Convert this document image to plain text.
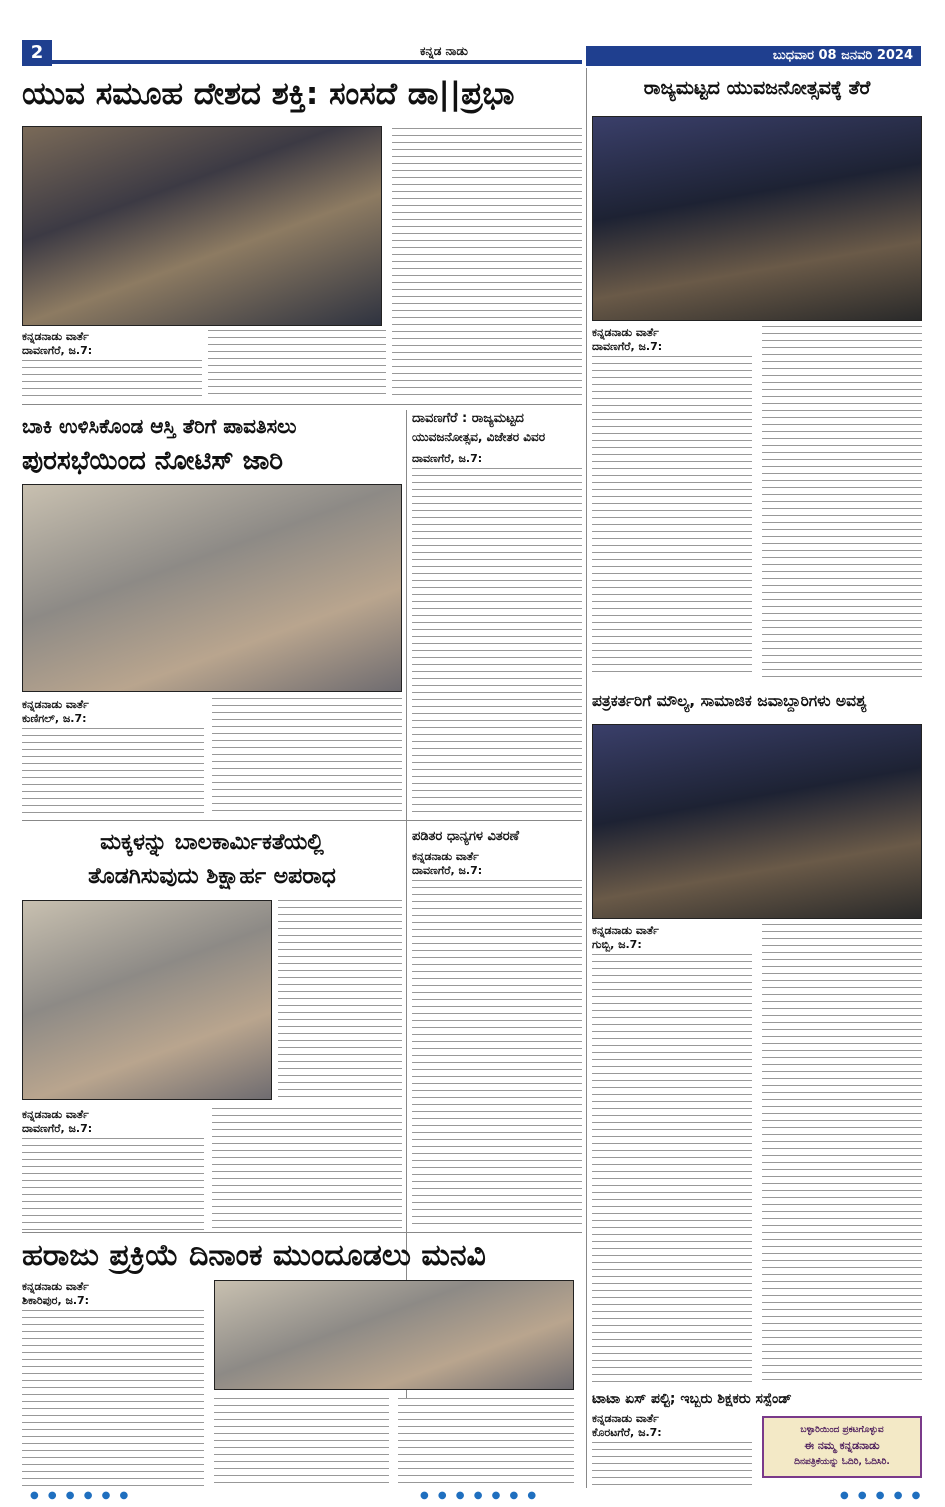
2	ಕನ್ನಡ ನಾಡು	ಬುಧವಾರ 08 ಜನವರಿ 2024
ಯುವ ಸಮೂಹ ದೇಶದ ಶಕ್ತಿ: ಸಂಸದೆ ಡಾ||ಪ್ರಭಾ
ಕನ್ನಡನಾಡು ವಾರ್ತೆ
ದಾವಣಗೆರೆ, ಜ.7:
ರಾಜ್ಯಮಟ್ಟದ ಯುವಜನೋತ್ಸವಕ್ಕೆ ತೆರೆ
ಕನ್ನಡನಾಡು ವಾರ್ತೆ
ದಾವಣಗೆರೆ, ಜ.7:
ಬಾಕಿ ಉಳಿಸಿಕೊಂಡ ಆಸ್ತಿ ತೆರಿಗೆ ಪಾವತಿಸಲು
ಪುರಸಭೆಯಿಂದ ನೋಟಿಸ್ ಜಾರಿ
ಕನ್ನಡನಾಡು ವಾರ್ತೆ
ಕುಣಿಗಲ್, ಜ.7:
ದಾವಣಗೆರೆ : ರಾಜ್ಯಮಟ್ಟದ
ಯುವಜನೋತ್ಸವ, ವಿಜೇತರ ವಿವರ
ದಾವಣಗೆರೆ, ಜ.7:
ಪತ್ರಕರ್ತರಿಗೆ ಮೌಲ್ಯ, ಸಾಮಾಜಿಕ ಜವಾಬ್ದಾರಿಗಳು ಅವಶ್ಯ
ಕನ್ನಡನಾಡು ವಾರ್ತೆ
ಗುಬ್ಬಿ, ಜ.7:
ಮಕ್ಕಳನ್ನು ಬಾಲಕಾರ್ಮಿಕತೆಯಲ್ಲಿ
ತೊಡಗಿಸುವುದು ಶಿಕ್ಷಾರ್ಹ ಅಪರಾಧ
ಕನ್ನಡನಾಡು ವಾರ್ತೆ
ದಾವಣಗೆರೆ, ಜ.7:
ಪಡಿತರ ಧಾನ್ಯಗಳ ವಿತರಣೆ
ಕನ್ನಡನಾಡು ವಾರ್ತೆ
ದಾವಣಗೆರೆ, ಜ.7:
ಹರಾಜು ಪ್ರಕ್ರಿಯೆ ದಿನಾಂಕ ಮುಂದೂಡಲು ಮನವಿ
ಕನ್ನಡನಾಡು ವಾರ್ತೆ
ಶಿಕಾರಿಪುರ, ಜ.7:
ಟಾಟಾ ಏಸ್ ಪಲ್ಟಿ; ಇಬ್ಬರು ಶಿಕ್ಷಕರು ಸಸ್ಪೆಂಡ್
ಕನ್ನಡನಾಡು ವಾರ್ತೆ
ಕೊರಟಗೆರೆ, ಜ.7:	ಬಳ್ಳಾರಿಯಿಂದ ಪ್ರಕಟಗೊಳ್ಳುವ
ಈ ನಮ್ಮ ಕನ್ನಡನಾಡು
ದಿನಪತ್ರಿಕೆಯನ್ನು ಓದಿರಿ, ಓದಿಸಿರಿ.
● ● ● ● ● ●	● ● ● ● ● ● ●	● ● ● ● ●
